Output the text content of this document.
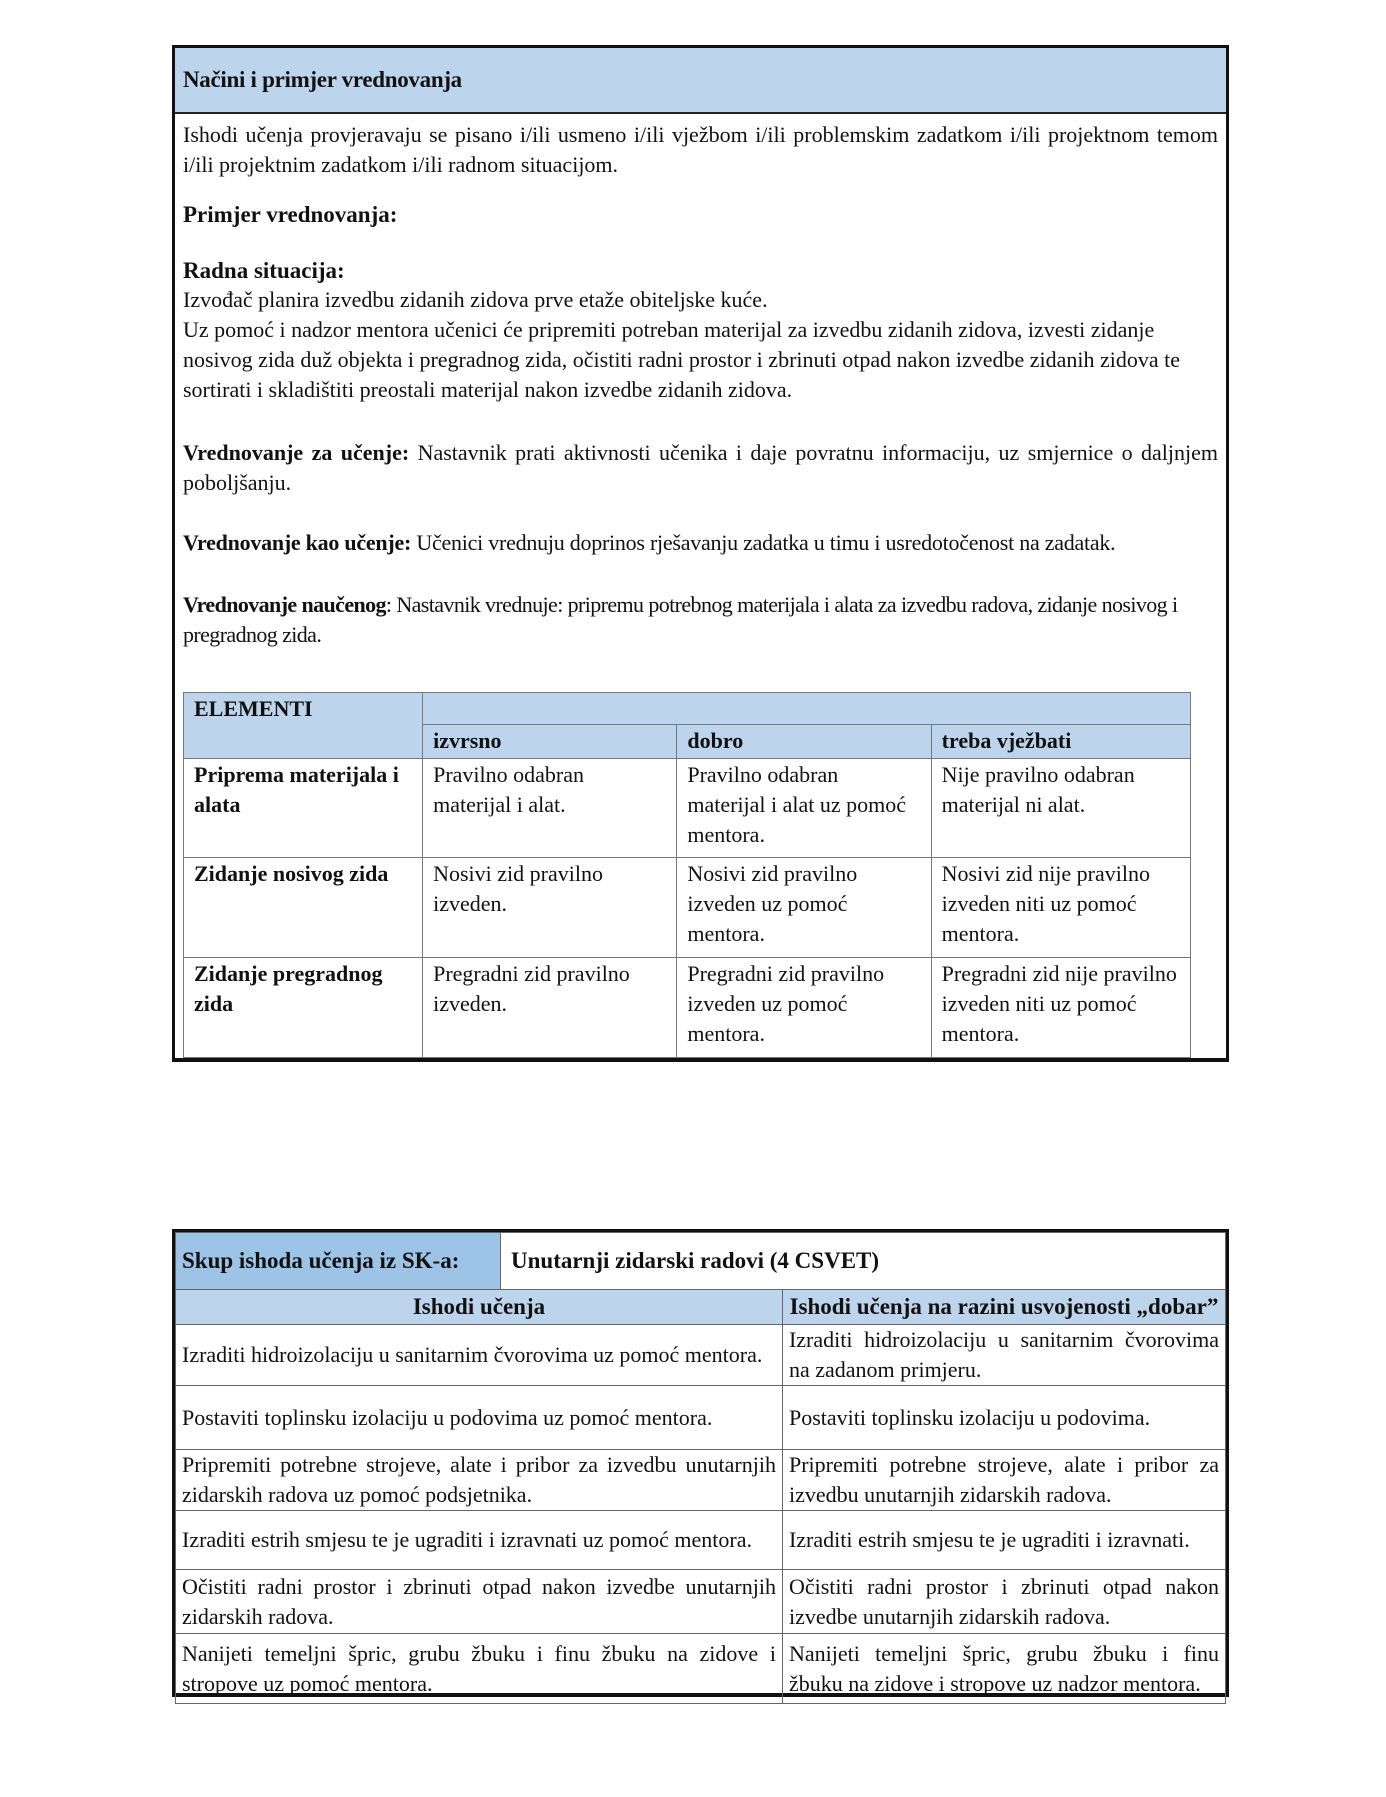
Načini i primjer vrednovanja
Ishodi učenja provjeravaju se pisano i/ili usmeno i/ili vježbom i/ili problemskim zadatkom i/ili projektnom temom i/ili projektnim zadatkom i/ili radnom situacijom.
Primjer vrednovanja:
Radna situacija:
Izvođač planira izvedbu zidanih zidova prve etaže obiteljske kuće.
Uz pomoć i nadzor mentora učenici će pripremiti potreban materijal za izvedbu zidanih zidova, izvesti zidanje nosivog zida duž objekta i pregradnog zida, očistiti radni prostor i zbrinuti otpad nakon izvedbe zidanih zidova te sortirati i skladištiti preostali materijal nakon izvedbe zidanih zidova.
Vrednovanje za učenje: Nastavnik prati aktivnosti učenika i daje povratnu informaciju, uz smjernice o daljnjem poboljšanju.
Vrednovanje kao učenje: Učenici vrednuju doprinos rješavanju zadatka u timu i usredotočenost na zadatak.
Vrednovanje naučenog: Nastavnik vrednuje: pripremu potrebnog materijala i alata za izvedbu radova, zidanje nosivog i pregradnog zida.
ELEMENTI			
	izvrsno	dobro	treba vježbati
Priprema materijala i alata	Pravilno odabran materijal i alat.	Pravilno odabran materijal i alat uz pomoć mentora.	Nije pravilno odabran materijal ni alat.
Zidanje nosivog zida	Nosivi zid pravilno izveden.	Nosivi zid pravilno izveden uz pomoć mentora.	Nosivi zid nije pravilno izveden niti uz pomoć mentora.
Zidanje pregradnog zida	Pregradni zid pravilno izveden.	Pregradni zid pravilno izveden uz pomoć mentora.	Pregradni zid nije pravilno izveden niti uz pomoć mentora.
Skup ishoda učenja iz SK-a:	Unutarnji zidarski radovi (4 CSVET)	
Ishodi učenja		Ishodi učenja na razini usvojenosti „dobar”
Izraditi hidroizolaciju u sanitarnim čvorovima uz pomoć mentora.		Izraditi hidroizolaciju u sanitarnim čvorovima na zadanom primjeru.
Postaviti toplinsku izolaciju u podovima uz pomoć mentora.		Postaviti toplinsku izolaciju u podovima.
Pripremiti potrebne strojeve, alate i pribor za izvedbu unutarnjih zidarskih radova uz pomoć podsjetnika.		Pripremiti potrebne strojeve, alate i pribor za izvedbu unutarnjih zidarskih radova.
Izraditi estrih smjesu te je ugraditi i izravnati uz pomoć mentora.		Izraditi estrih smjesu te je ugraditi i izravnati.
Očistiti radni prostor i zbrinuti otpad nakon izvedbe unutarnjih zidarskih radova.		Očistiti radni prostor i zbrinuti otpad nakon izvedbe unutarnjih zidarskih radova.
Nanijeti temeljni špric, grubu žbuku i finu žbuku na zidove i stropove uz pomoć mentora.		Nanijeti temeljni špric, grubu žbuku i finu žbuku na zidove i stropove uz nadzor mentora.
